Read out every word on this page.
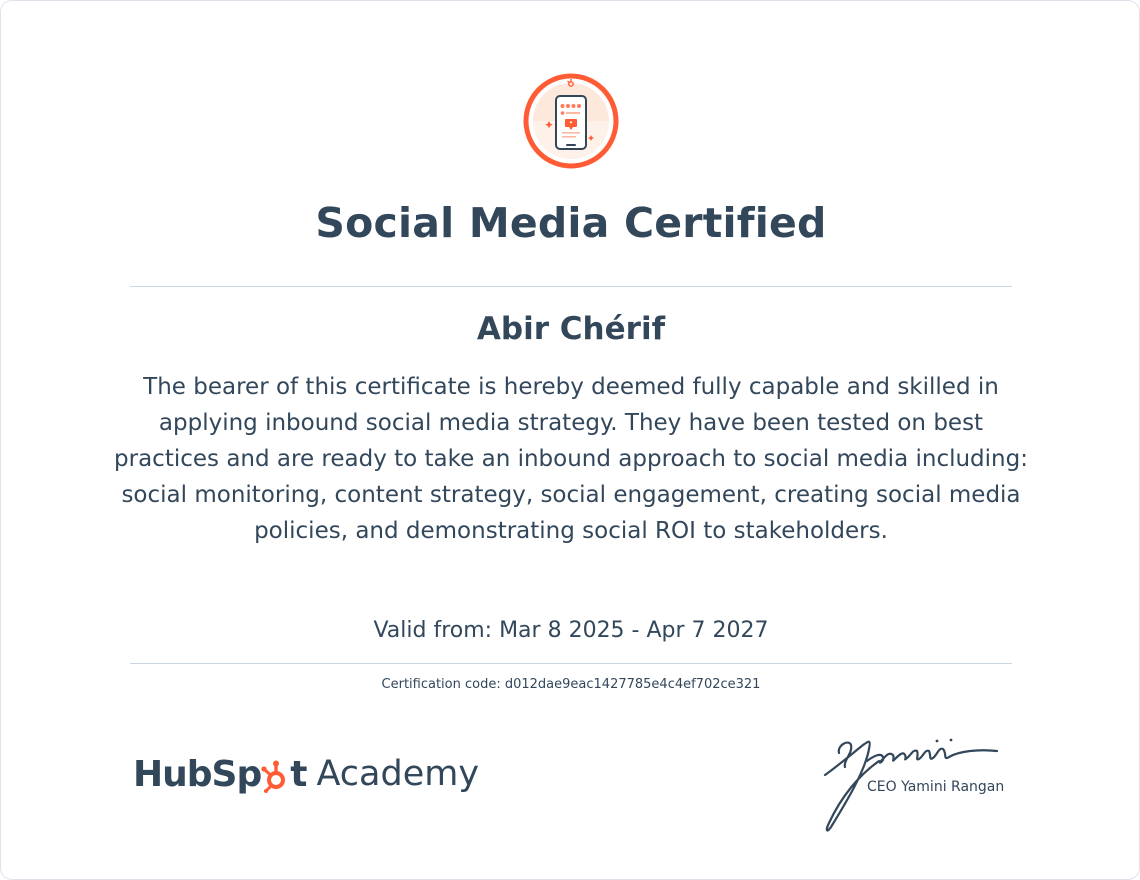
Social Media Certified
Abir Chérif
The bearer of this certificate is hereby deemed fully capable and skilled in applying inbound social media strategy. They have been tested on best practices and are ready to take an inbound approach to social media including: social monitoring, content strategy, social engagement, creating social media policies, and demonstrating social ROI to stakeholders.
Valid from: Mar 8 2025 - Apr 7 2027
Certification code: d012dae9eac1427785e4c4ef702ce321
HubSp t Academy	CEO Yamini Rangan
